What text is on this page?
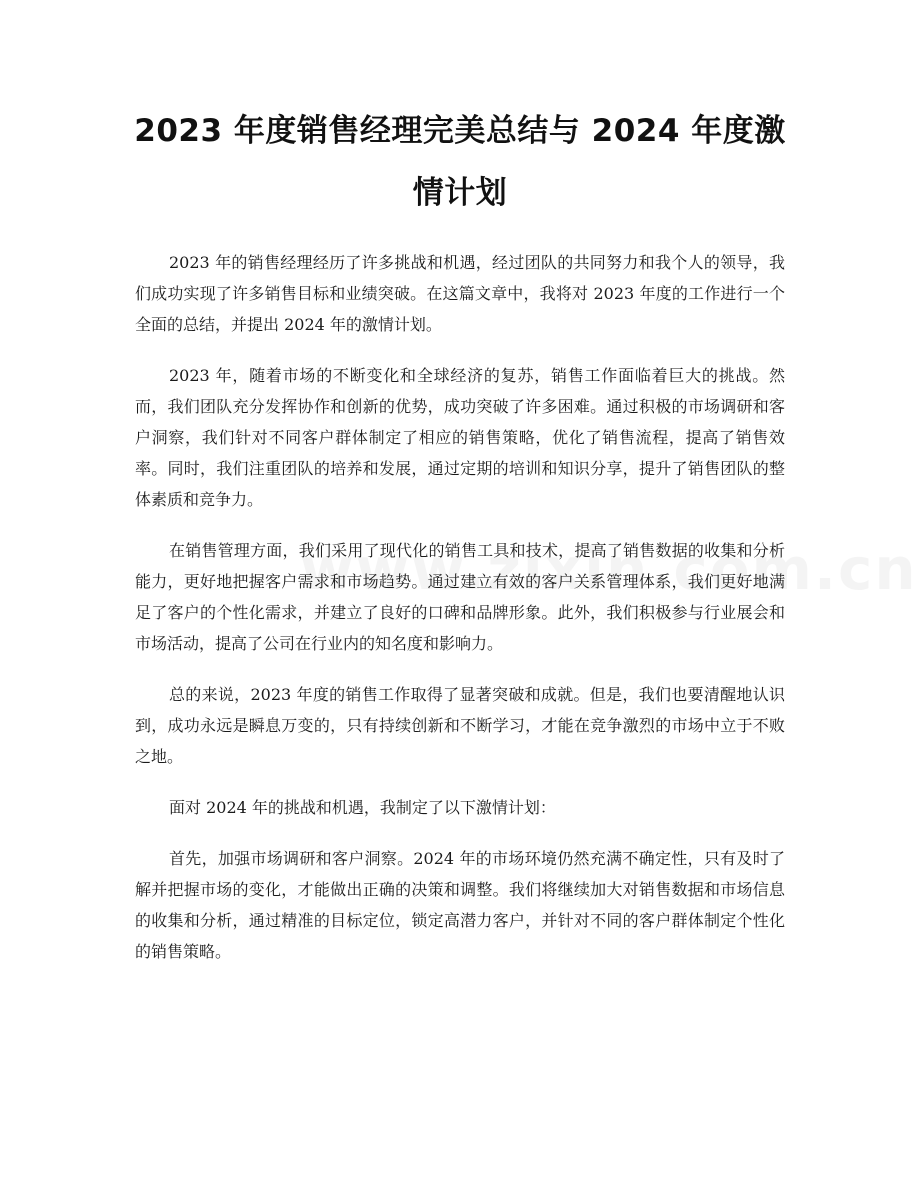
2023 年度销售经理完美总结与 2024 年度激情计划

2023 年的销售经理经历了许多挑战和机遇，经过团队的共同努力和我个人的领导，我们成功实现了许多销售目标和业绩突破。在这篇文章中，我将对 2023 年度的工作进行一个全面的总结，并提出 2024 年的激情计划。

2023 年，随着市场的不断变化和全球经济的复苏，销售工作面临着巨大的挑战。然而，我们团队充分发挥协作和创新的优势，成功突破了许多困难。通过积极的市场调研和客户洞察，我们针对不同客户群体制定了相应的销售策略，优化了销售流程，提高了销售效率。同时，我们注重团队的培养和发展，通过定期的培训和知识分享，提升了销售团队的整体素质和竞争力。

在销售管理方面，我们采用了现代化的销售工具和技术，提高了销售数据的收集和分析能力，更好地把握客户需求和市场趋势。通过建立有效的客户关系管理体系，我们更好地满足了客户的个性化需求，并建立了良好的口碑和品牌形象。此外，我们积极参与行业展会和市场活动，提高了公司在行业内的知名度和影响力。

总的来说，2023 年度的销售工作取得了显著突破和成就。但是，我们也要清醒地认识到，成功永远是瞬息万变的，只有持续创新和不断学习，才能在竞争激烈的市场中立于不败之地。

面对 2024 年的挑战和机遇，我制定了以下激情计划：

首先，加强市场调研和客户洞察。2024 年的市场环境仍然充满不确定性，只有及时了解并把握市场的变化，才能做出正确的决策和调整。我们将继续加大对销售数据和市场信息的收集和分析，通过精准的目标定位，锁定高潜力客户，并针对不同的客户群体制定个性化的销售策略。
